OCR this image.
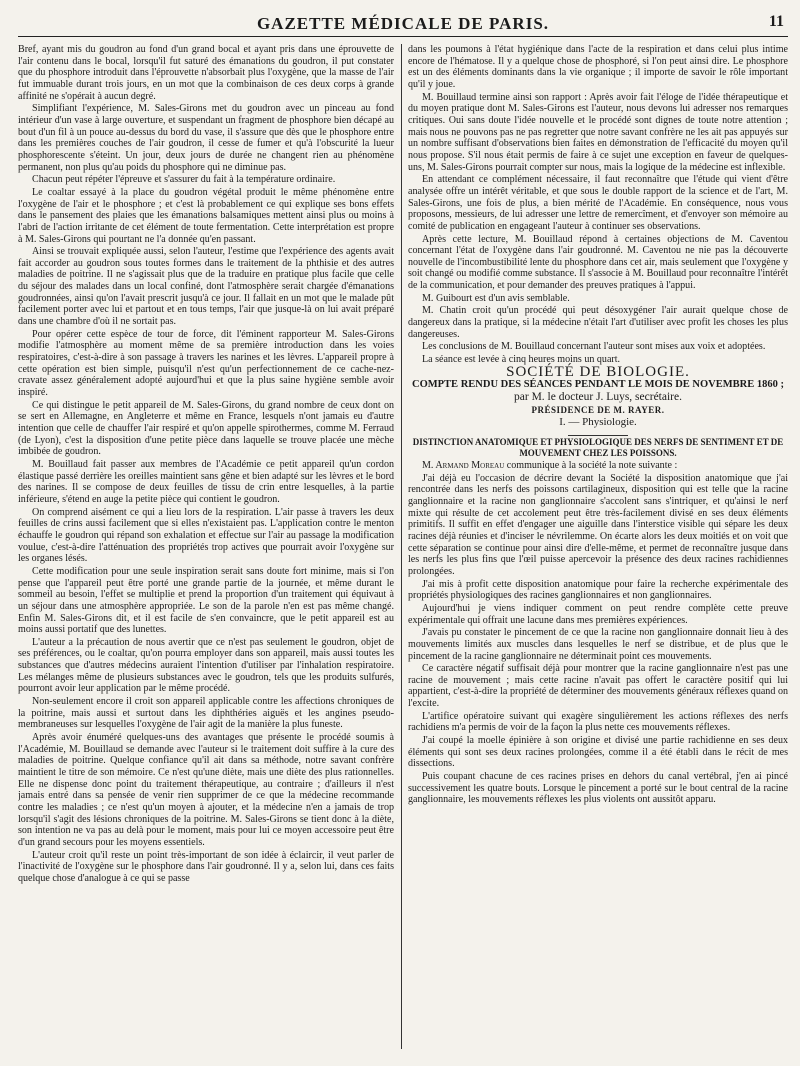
GAZETTE MÉDICALE DE PARIS.	11

Bref, ayant mis du goudron au fond d'un grand bocal et ayant pris dans une éprouvette de l'air contenu dans le bocal, lorsqu'il fut saturé des émanations du goudron, il put constater que du phosphore introduit dans l'éprouvette n'absorbait plus l'oxygène, que la masse de l'air fut immuable durant trois jours, en un mot que la combinaison de ces deux corps à grande affinité ne s'opérait à aucun degré.

Simplifiant l'expérience, M. Sales-Girons met du goudron avec un pinceau au fond intérieur d'un vase à large ouverture, et suspendant un fragment de phosphore bien décapé au bout d'un fil à un pouce au-dessus du bord du vase, il s'assure que dès que le phosphore entre dans les premières couches de l'air goudron, il cesse de fumer et qu'à l'obscurité la lueur phosphorescente s'éteint. Un jour, deux jours de durée ne changent rien au phénomène permanent, non plus qu'au poids du phosphore qui ne diminue pas.

Chacun peut répéter l'épreuve et s'assurer du fait à la température ordinaire.

Le coaltar essayé à la place du goudron végétal produit le même phénomène entre l'oxygène de l'air et le phosphore ; et c'est là probablement ce qui explique ses bons effets dans le pansement des plaies que les émanations balsamiques mettent ainsi plus ou moins à l'abri de l'action irritante de cet élément de toute fermentation. Cette interprétation est propre à M. Sales-Girons qui pourtant ne l'a donnée qu'en passant.

Ainsi se trouvait expliquée aussi, selon l'auteur, l'estime que l'expérience des agents avait fait accorder au goudron sous toutes formes dans le traitement de la phthisie et des autres maladies de poitrine. Il ne s'agissait plus que de la traduire en pratique plus facile que celle du séjour des malades dans un local confiné, dont l'atmosphère serait chargée d'émanations goudronnées, ainsi qu'on l'avait prescrit jusqu'à ce jour. Il fallait en un mot que le malade pût facilement porter avec lui et partout et en tous temps, l'air que jusque-là on lui avait préparé dans une chambre d'où il ne sortait pas.

Pour opérer cette espèce de tour de force, dit l'éminent rapporteur M. Sales-Girons modifie l'atmosphère au moment même de sa première introduction dans les voies respiratoires, c'est-à-dire à son passage à travers les narines et les lèvres. L'appareil propre à cette opération est bien simple, puisqu'il n'est qu'un perfectionnement de ce cache-nez-cravate assez généralement adopté aujourd'hui et que la plus saine hygiène semble avoir inspiré.

Ce qui distingue le petit appareil de M. Sales-Girons, du grand nombre de ceux dont on se sert en Allemagne, en Angleterre et même en France, lesquels n'ont jamais eu d'autre intention que celle de chauffer l'air respiré et qu'on appelle spirothermes, comme M. Ferraud (de Lyon), c'est la disposition d'une petite pièce dans laquelle se trouve placée une mèche imbibée de goudron.

M. Bouillaud fait passer aux membres de l'Académie ce petit appareil qu'un cordon élastique passé derrière les oreilles maintient sans gêne et bien adapté sur les lèvres et le bord des narines. Il se compose de deux feuilles de tissu de crin entre lesquelles, à la partie inférieure, s'étend en auge la petite pièce qui contient le goudron.

On comprend aisément ce qui a lieu lors de la respiration. L'air passe à travers les deux feuilles de crins aussi facilement que si elles n'existaient pas. L'application contre le menton échauffe le goudron qui répand son exhalation et effectue sur l'air au passage la modification voulue, c'est-à-dire l'atténuation des propriétés trop actives que pourrait avoir l'oxygène sur les organes lésés.

Cette modification pour une seule inspiration serait sans doute fort minime, mais si l'on pense que l'appareil peut être porté une grande partie de la journée, et même durant le sommeil au besoin, l'effet se multiplie et prend la proportion d'un traitement qui équivaut à un séjour dans une atmosphère appropriée. Le son de la parole n'en est pas même changé. Enfin M. Sales-Girons dit, et il est facile de s'en convaincre, que le petit appareil est au moins aussi portatif que des lunettes.

L'auteur a la précaution de nous avertir que ce n'est pas seulement le goudron, objet de ses préférences, ou le coaltar, qu'on pourra employer dans son appareil, mais aussi toutes les substances que d'autres médecins auraient l'intention d'utiliser par l'inhalation respiratoire. Les mélanges même de plusieurs substances avec le goudron, tels que les produits sulfurés, pourront avoir leur application par le même procédé.

Non-seulement encore il croit son appareil applicable contre les affections chroniques de la poitrine, mais aussi et surtout dans les diphthéries aiguës et les angines pseudo-membraneuses sur lesquelles l'oxygène de l'air agit de la manière la plus funeste.

Après avoir énuméré quelques-uns des avantages que présente le procédé soumis à l'Académie, M. Bouillaud se demande avec l'auteur si le traitement doit suffire à la cure des maladies de poitrine. Quelque confiance qu'il ait dans sa méthode, notre savant confrère maintient le titre de son mémoire. Ce n'est qu'une diète, mais une diète des plus rationnelles. Elle ne dispense donc point du traitement thérapeutique, au contraire ; d'ailleurs il n'est jamais entré dans sa pensée de venir rien supprimer de ce que la médecine recommande contre les maladies ; ce n'est qu'un moyen à ajouter, et la médecine n'en a jamais de trop lorsqu'il s'agit des lésions chroniques de la poitrine. M. Sales-Girons se tient donc à la diète, son intention ne va pas au delà pour le moment, mais pour lui ce moyen accessoire peut être d'un grand secours pour les moyens essentiels.

L'auteur croit qu'il reste un point très-important de son idée à éclaircir, il veut parler de l'inactivité de l'oxygène sur le phosphore dans l'air goudronné. Il y a, selon lui, dans ces faits quelque chose d'analogue à ce qui se passe

dans les poumons à l'état hygiénique dans l'acte de la respiration et dans celui plus intime encore de l'hématose. Il y a quelque chose de phosphoré, si l'on peut ainsi dire. Le phosphore est un des éléments dominants dans la vie organique ; il importe de savoir le rôle important qu'il y joue.

M. Bouillaud termine ainsi son rapport : Après avoir fait l'éloge de l'idée thérapeutique et du moyen pratique dont M. Sales-Girons est l'auteur, nous devons lui adresser nos remarques critiques. Oui sans doute l'idée nouvelle et le procédé sont dignes de toute notre attention ; mais nous ne pouvons pas ne pas regretter que notre savant confrère ne les ait pas appuyés sur un nombre suffisant d'observations bien faites en démonstration de l'efficacité du moyen qu'il nous propose. S'il nous était permis de faire à ce sujet une exception en faveur de quelques-uns, M. Sales-Girons pourrait compter sur nous, mais la logique de la médecine est inflexible.

En attendant ce complément nécessaire, il faut reconnaître que l'étude qui vient d'être analysée offre un intérêt véritable, et que sous le double rapport de la science et de l'art, M. Sales-Girons, une fois de plus, a bien mérité de l'Académie. En conséquence, nous vous proposons, messieurs, de lui adresser une lettre de remercîment, et d'envoyer son mémoire au comité de publication en engageant l'auteur à continuer ses observations.

Après cette lecture, M. Bouillaud répond à certaines objections de M. Caventou concernant l'état de l'oxygène dans l'air goudronné. M. Caventou ne nie pas la découverte nouvelle de l'incombustibilité lente du phosphore dans cet air, mais seulement que l'oxygène y soit changé ou modifié comme substance. Il s'associe à M. Bouillaud pour reconnaître l'intérêt de la communication, et pour demander des preuves pratiques à l'appui.

M. Guibourt est d'un avis semblable.

M. Chatin croit qu'un procédé qui peut désoxygéner l'air aurait quelque chose de dangereux dans la pratique, si la médecine n'était l'art d'utiliser avec profit les choses les plus dangereuses.

Les conclusions de M. Bouillaud concernant l'auteur sont mises aux voix et adoptées.

La séance est levée à cinq heures moins un quart.

SOCIÉTÉ DE BIOLOGIE.

COMPTE RENDU DES SÉANCES PENDANT LE MOIS DE NOVEMBRE 1860 ;

par M. le docteur J. Luys, secrétaire.

PRÉSIDENCE DE M. RAYER.

I. — Physiologie.

DISTINCTION ANATOMIQUE ET PHYSIOLOGIQUE DES NERFS DE SENTIMENT ET DE MOUVEMENT CHEZ LES POISSONS.

M. Armand Moreau communique à la société la note suivante :

J'ai déjà eu l'occasion de décrire devant la Société la disposition anatomique que j'ai rencontrée dans les nerfs des poissons cartilagineux, disposition qui est telle que la racine ganglionnaire et la racine non ganglionnaire s'accolent sans s'intriquer, et qu'ainsi le nerf mixte qui résulte de cet accolement peut être très-facilement divisé en ses deux éléments primitifs. Il suffit en effet d'engager une aiguille dans l'interstice visible qui sépare les deux racines déjà réunies et d'inciser le névrilemme. On écarte alors les deux moitiés et on voit que cette séparation se continue pour ainsi dire d'elle-même, et permet de reconnaître jusque dans les nerfs les plus fins que l'œil puisse apercevoir la présence des deux racines rachidiennes prolongées.

J'ai mis à profit cette disposition anatomique pour faire la recherche expérimentale des propriétés physiologiques des racines ganglionnaires et non ganglionnaires.

Aujourd'hui je viens indiquer comment on peut rendre complète cette preuve expérimentale qui offrait une lacune dans mes premières expériences.

J'avais pu constater le pincement de ce que la racine non ganglionnaire donnait lieu à des mouvements limités aux muscles dans lesquelles le nerf se distribue, et de plus que le pincement de la racine ganglionnaire ne déterminait point ces mouvements.

Ce caractère négatif suffisait déjà pour montrer que la racine ganglionnaire n'est pas une racine de mouvement ; mais cette racine n'avait pas offert le caractère positif qui lui appartient, c'est-à-dire la propriété de déterminer des mouvements généraux réflexes quand on l'excite.

L'artifice opératoire suivant qui exagère singulièrement les actions réflexes des nerfs rachidiens m'a permis de voir de la façon la plus nette ces mouvements réflexes.

J'ai coupé la moelle épinière à son origine et divisé une partie rachidienne en ses deux éléments qui sont ses deux racines prolongées, comme il a été établi dans le récit de mes dissections.

Puis coupant chacune de ces racines prises en dehors du canal vertébral, j'en ai pincé successivement les quatre bouts. Lorsque le pincement a porté sur le bout central de la racine ganglionnaire, les mouvements réflexes les plus violents ont aussitôt apparu.
